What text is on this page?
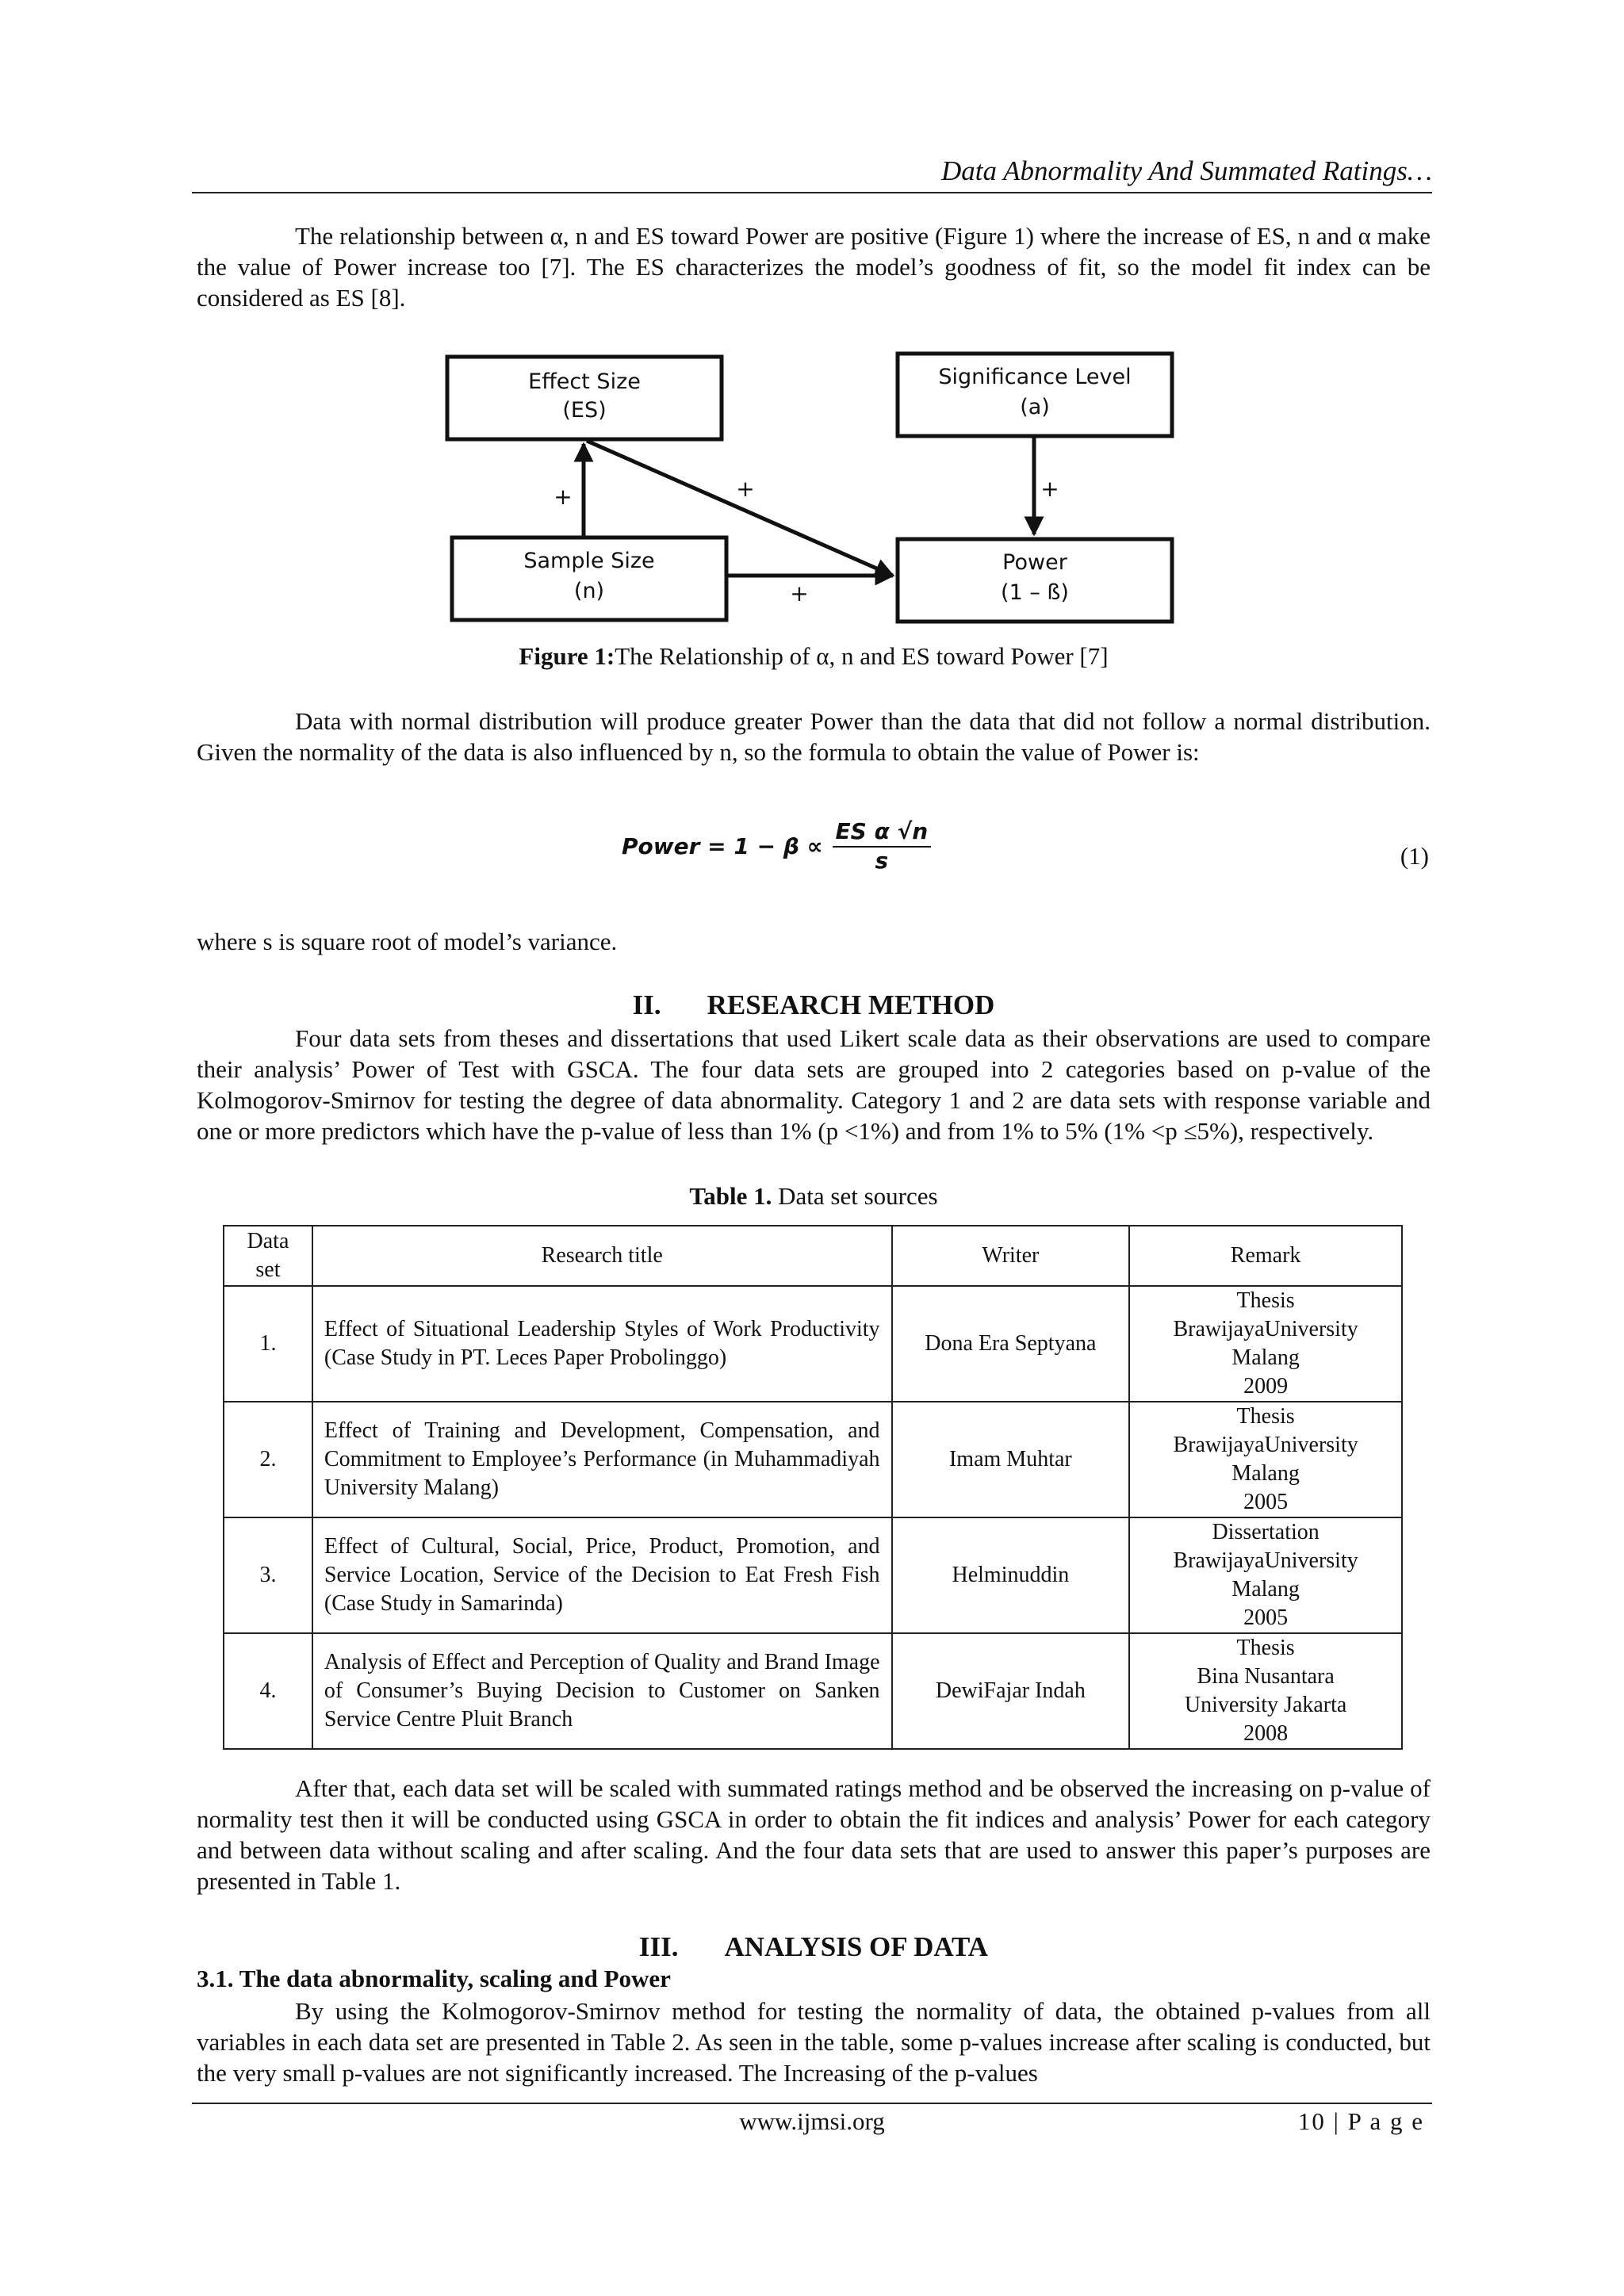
Data Abnormality And Summated Ratings…
The relationship between α, n and ES toward Power are positive (Figure 1) where the increase of ES, n and α make the value of Power increase too [7]. The ES characterizes the model’s goodness of fit, so the model fit index can be considered as ES [8].
Effect Size
(ES)
Significance Level
(a)
Sample Size
(n)
Power
(1 – ß)
+	+	+
+
Figure 1:The Relationship of α, n and ES toward Power [7]
Data with normal distribution will produce greater Power than the data that did not follow a normal distribution. Given the normality of the data is also influenced by n, so the formula to obtain the value of Power is:
Power = $1 - \beta \propto \frac{\text{ES α √n}}{s}$	(1)
where s is square root of model’s variance.
II. RESEARCH METHOD
Four data sets from theses and dissertations that used Likert scale data as their observations are used to compare their analysis’ Power of Test with GSCA. The four data sets are grouped into 2 categories based on p-value of the Kolmogorov-Smirnov for testing the degree of data abnormality. Category 1 and 2 are data sets with response variable and one or more predictors which have the p-value of less than 1% (p <1%) and from 1% to 5% (1% <p ≤5%), respectively.
Table 1. Data set sources
Data set	Research title	Writer	Remark
1.	Effect of Situational Leadership Styles of Work Productivity (Case Study in PT. Leces Paper Probolinggo)	Dona Era Septyana	Thesis
BrawijayaUniversity
Malang
2009

2.	Effect of Training and Development, Compensation, and Commitment to Employee’s Performance (in Muhammadiyah University Malang)	Imam Muhtar	Thesis
BrawijayaUniversity
Malang
2005

3.	Effect of Cultural, Social, Price, Product, Promotion, and Service Location, Service of the Decision to Eat Fresh Fish (Case Study in Samarinda)	Helminuddin	Dissertation
BrawijayaUniversity
Malang
2005

4.	Analysis of Effect and Perception of Quality and Brand Image of Consumer’s Buying Decision to Customer on Sanken Service Centre Pluit Branch	DewiFajar Indah	Thesis
Bina Nusantara
University Jakarta
2008
After that, each data set will be scaled with summated ratings method and be observed the increasing on p-value of normality test then it will be conducted using GSCA in order to obtain the fit indices and analysis’ Power for each category and between data without scaling and after scaling. And the four data sets that are used to answer this paper’s purposes are presented in Table 1.
III. ANALYSIS OF DATA
3.1. The data abnormality, scaling and Power
By using the Kolmogorov-Smirnov method for testing the normality of data, the obtained p-values from all variables in each data set are presented in Table 2. As seen in the table, some p-values increase after scaling is conducted, but the very small p-values are not significantly increased. The Increasing of the p-values
www.ijmsi.org	10 | P a g e
